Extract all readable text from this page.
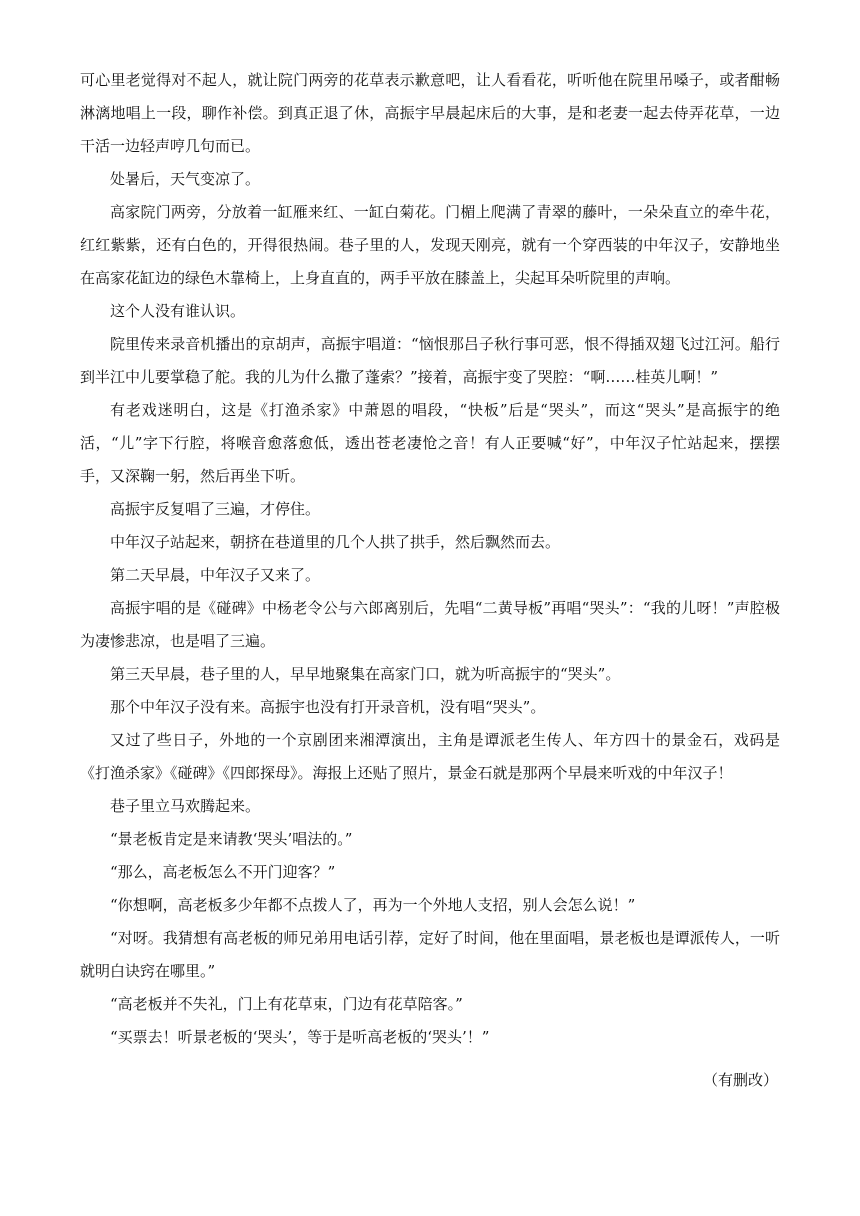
可心里老觉得对不起人，就让院门两旁的花草表示歉意吧，让人看看花，听听他在院里吊嗓子，或者酣畅淋漓地唱上一段，聊作补偿。到真正退了休，高振宇早晨起床后的大事，是和老妻一起去侍弄花草，一边干活一边轻声哼几句而已。

处暑后，天气变凉了。

高家院门两旁，分放着一缸雁来红、一缸白菊花。门楣上爬满了青翠的藤叶，一朵朵直立的牵牛花，红红紫紫，还有白色的，开得很热闹。巷子里的人，发现天刚亮，就有一个穿西装的中年汉子，安静地坐在高家花缸边的绿色木靠椅上，上身直直的，两手平放在膝盖上，尖起耳朵听院里的声响。

这个人没有谁认识。

院里传来录音机播出的京胡声，高振宇唱道：“恼恨那吕子秋行事可恶，恨不得插双翅飞过江河。船行到半江中儿要掌稳了舵。我的儿为什么撒了蓬索？”接着，高振宇变了哭腔：“啊……桂英儿啊！”

有老戏迷明白，这是《打渔杀家》中萧恩的唱段，“快板”后是“哭头”，而这“哭头”是高振宇的绝活，“儿”字下行腔，将喉音愈落愈低，透出苍老凄怆之音！有人正要喊“好”，中年汉子忙站起来，摆摆手，又深鞠一躬，然后再坐下听。

高振宇反复唱了三遍，才停住。

中年汉子站起来，朝挤在巷道里的几个人拱了拱手，然后飘然而去。

第二天早晨，中年汉子又来了。

高振宇唱的是《碰碑》中杨老令公与六郎离别后，先唱“二黄导板”再唱“哭头”：“我的儿呀！”声腔极为凄惨悲凉，也是唱了三遍。

第三天早晨，巷子里的人，早早地聚集在高家门口，就为听高振宇的“哭头”。

那个中年汉子没有来。高振宇也没有打开录音机，没有唱“哭头”。

又过了些日子，外地的一个京剧团来湘潭演出，主角是谭派老生传人、年方四十的景金石，戏码是《打渔杀家》《碰碑》《四郎探母》。海报上还贴了照片，景金石就是那两个早晨来听戏的中年汉子！

巷子里立马欢腾起来。

“景老板肯定是来请教‘哭头’唱法的。”

“那么，高老板怎么不开门迎客？”

“你想啊，高老板多少年都不点拨人了，再为一个外地人支招，别人会怎么说！”

“对呀。我猜想有高老板的师兄弟用电话引荐，定好了时间，他在里面唱，景老板也是谭派传人，一听就明白诀窍在哪里。”

“高老板并不失礼，门上有花草束，门边有花草陪客。”

“买票去！听景老板的‘哭头’，等于是听高老板的‘哭头’！”

（有删改）
